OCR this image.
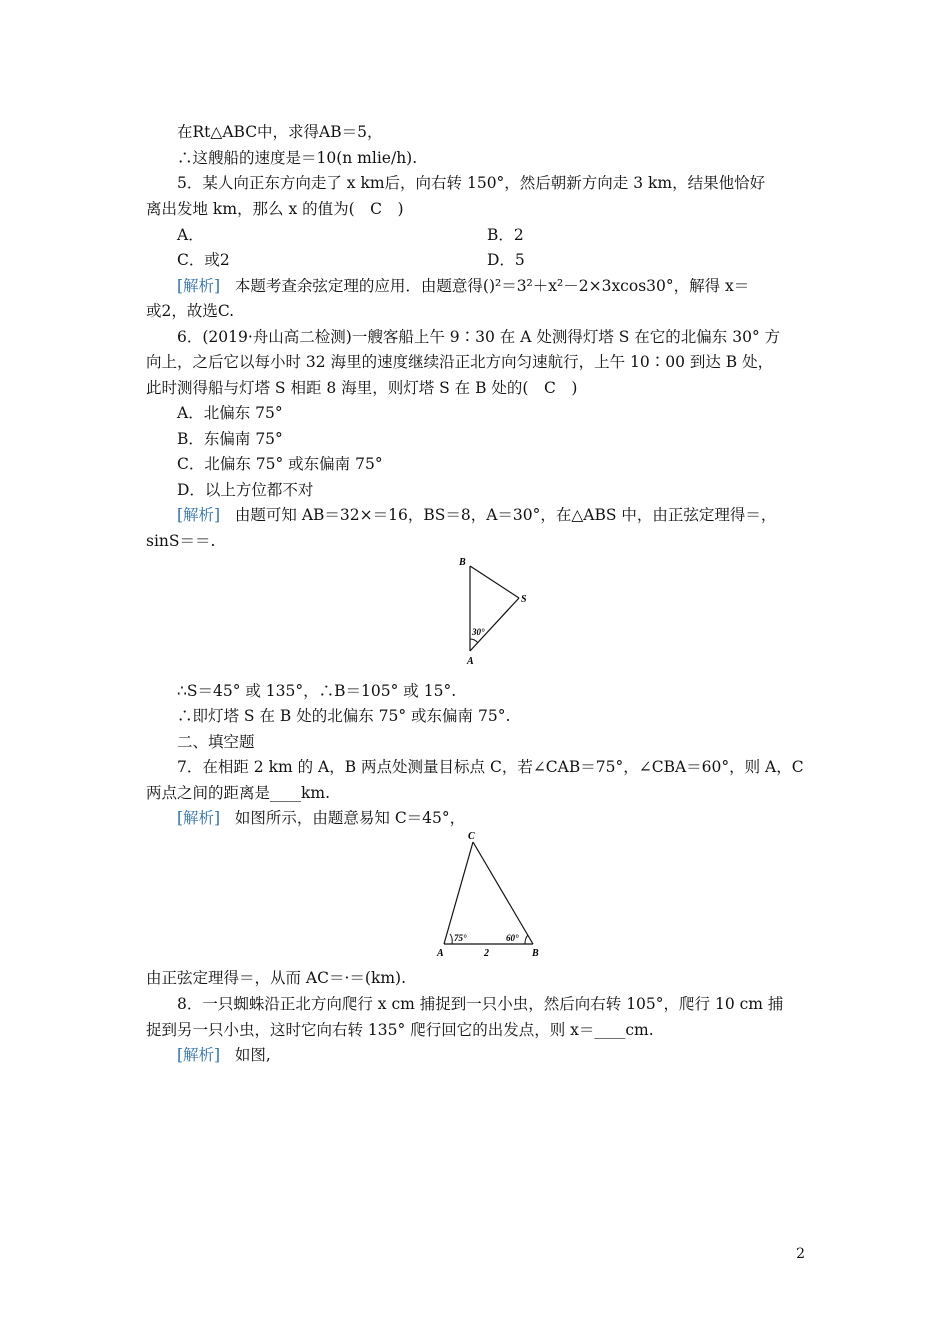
在Rt△ABC中，求得AB＝5，
∴这艘船的速度是＝10(n mlie/h).
5．某人向正东方向走了 x km后，向右转 150°，然后朝新方向走 3 km，结果他恰好
离出发地 km，那么 x 的值为(　C　)
A．	B．2
C．或2	D．5
[解析] 本题考查余弦定理的应用．由题意得()²＝3²＋x²－2×3xcos30°，解得 x＝
或2，故选C.
6．(2019·舟山高二检测)一艘客船上午 9∶30 在 A 处测得灯塔 S 在它的北偏东 30° 方
向上，之后它以每小时 32 海里的速度继续沿正北方向匀速航行，上午 10∶00 到达 B 处，
此时测得船与灯塔 S 相距 8 海里，则灯塔 S 在 B 处的(　C　)
A．北偏东 75°
B．东偏南 75°
C．北偏东 75° 或东偏南 75°
D．以上方位都不对
[解析] 由题可知 AB＝32×＝16，BS＝8，A＝30°，在△ABS 中，由正弦定理得＝，
sinS＝＝.
B
S
A
30°
∴S＝45° 或 135°，∴B＝105° 或 15°.
∴即灯塔 S 在 B 处的北偏东 75° 或东偏南 75°.
二、填空题
7．在相距 2 km 的 A，B 两点处测量目标点 C，若∠CAB＝75°，∠CBA＝60°，则 A，C
两点之间的距离是____km.
[解析] 如图所示，由题意易知 C＝45°，
C
A	B
75°	60°
2
由正弦定理得＝，从而 AC＝·＝(km).
8．一只蜘蛛沿正北方向爬行 x cm 捕捉到一只小虫，然后向右转 105°，爬行 10 cm 捕
捉到另一只小虫，这时它向右转 135° 爬行回它的出发点，则 x＝____cm.
[解析] 如图,
2
